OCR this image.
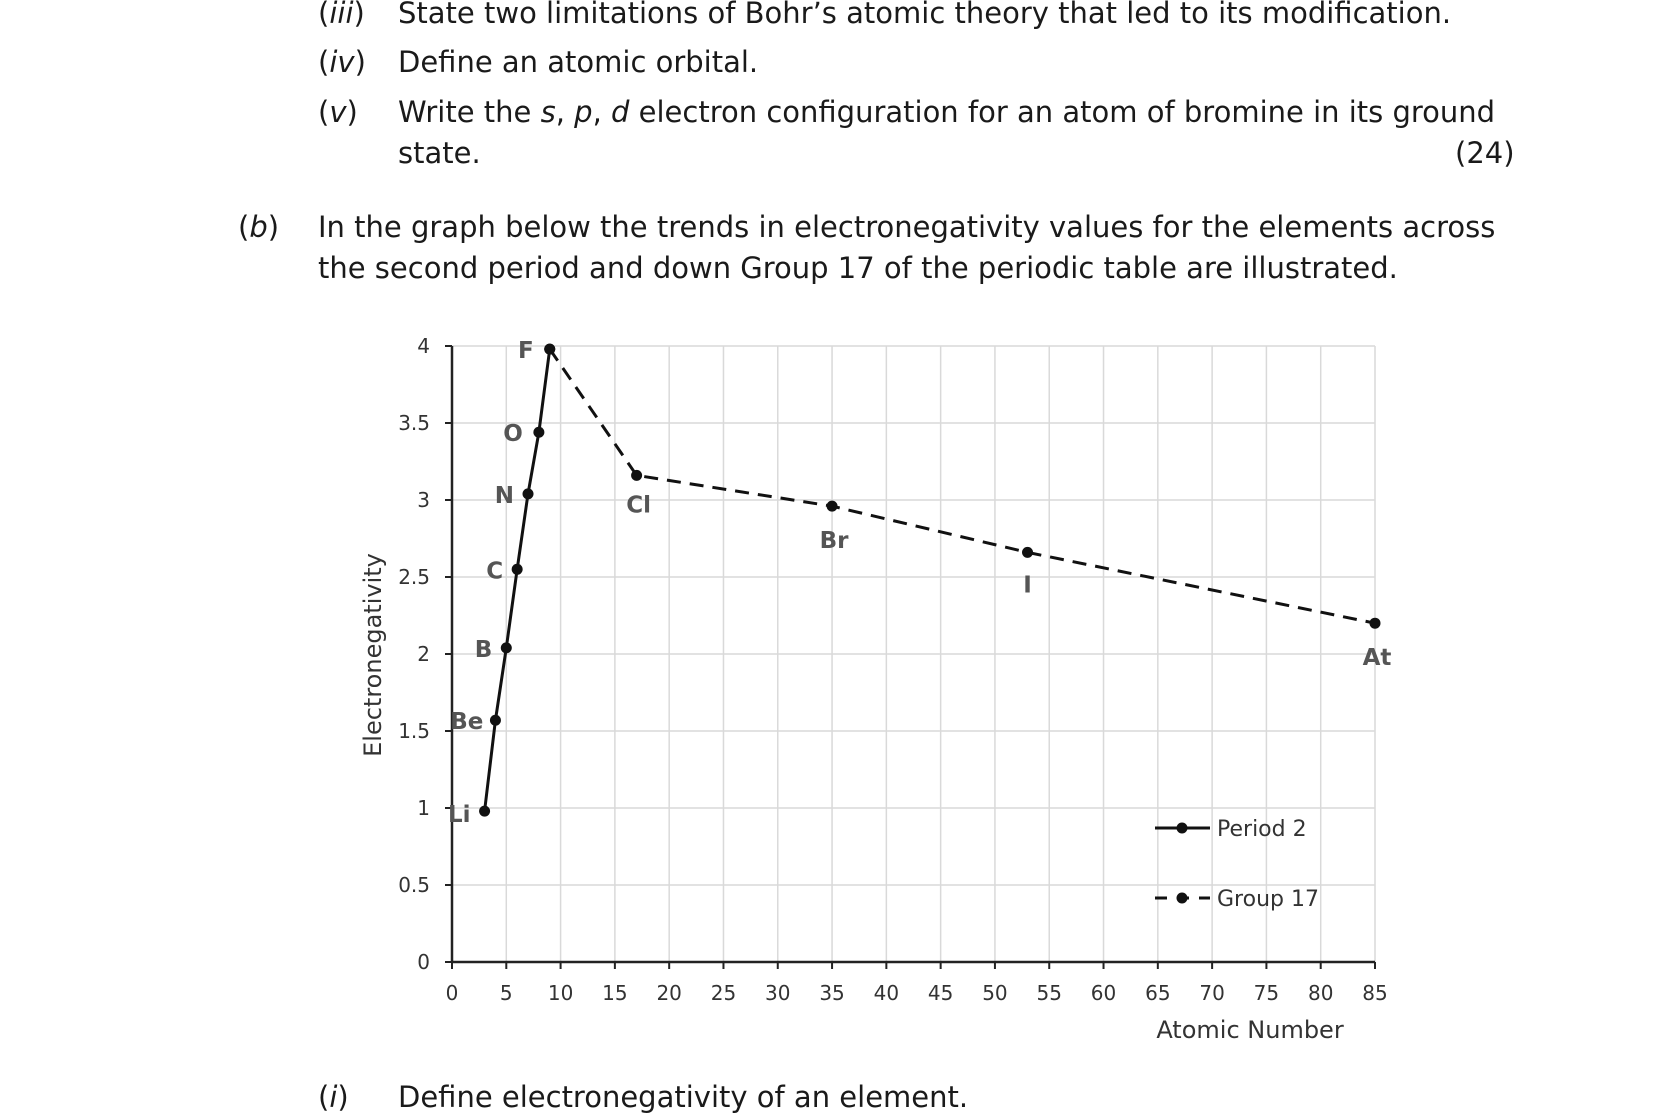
(iii) State two limitations of Bohr’s atomic theory that led to its modification.
(iv) Define an atomic orbital.
(v) Write the s, p, d electron configuration for an atom of bromine in its ground
state.	(24)
(b) In the graph below the trends in electronegativity values for the elements across
the second period and down Group 17 of the periodic table are illustrated.
0 5 10 15 20 25 30 35 40 45 50 55 60 65 70 75 80 85
0
0.5
1
1.5
2
2.5
3
3.5
4
Li
Be
B
C
N
O
F
Cl
Br
I
At
Period 2
Group 17
Atomic Number
Electronegativity
(i) Define electronegativity of an element.
